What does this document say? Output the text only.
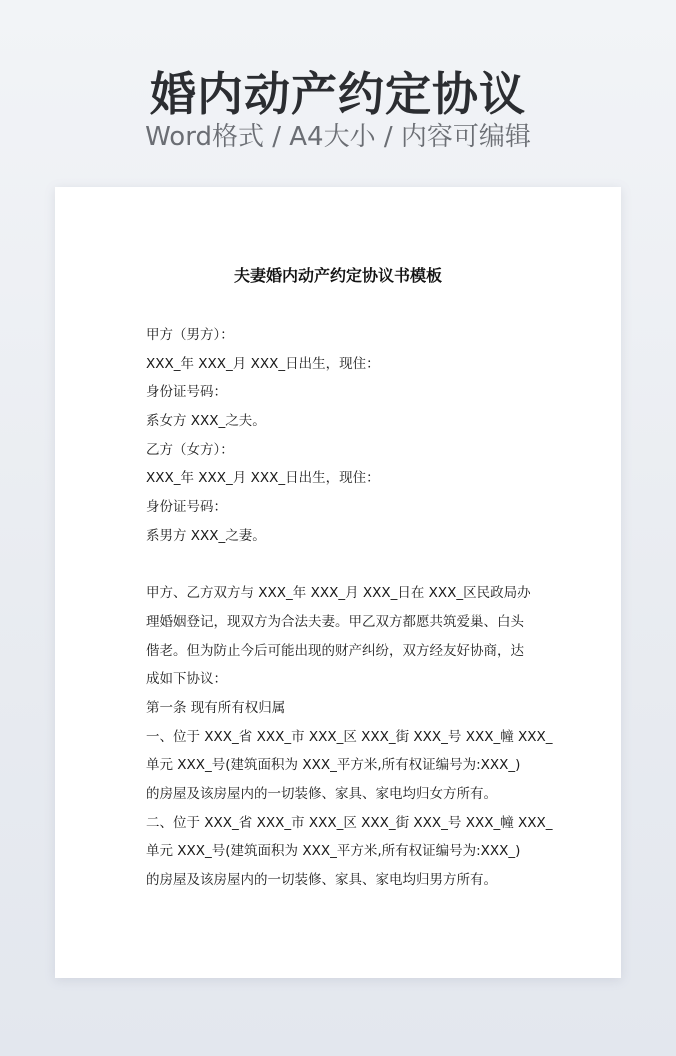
婚内动产约定协议
Word格式 / A4大小 / 内容可编辑
夫妻婚内动产约定协议书模板
甲方（男方）：
XXX_年 XXX_月 XXX_日出生，现住：
身份证号码：
系女方 XXX_之夫。
乙方（女方）：
XXX_年 XXX_月 XXX_日出生，现住：
身份证号码：
系男方 XXX_之妻。
甲方、乙方双方与 XXX_年 XXX_月 XXX_日在 XXX_区民政局办
理婚姻登记，现双方为合法夫妻。甲乙双方都愿共筑爱巢、白头
偕老。但为防止今后可能出现的财产纠纷，双方经友好协商，达
成如下协议：
第一条 现有所有权归属
一、位于 XXX_省 XXX_市 XXX_区 XXX_街 XXX_号 XXX_幢 XXX_
单元 XXX_号(建筑面积为 XXX_平方米,所有权证编号为:XXX_)
的房屋及该房屋内的一切装修、家具、家电均归女方所有。
二、位于 XXX_省 XXX_市 XXX_区 XXX_街 XXX_号 XXX_幢 XXX_
单元 XXX_号(建筑面积为 XXX_平方米,所有权证编号为:XXX_)
的房屋及该房屋内的一切装修、家具、家电均归男方所有。
